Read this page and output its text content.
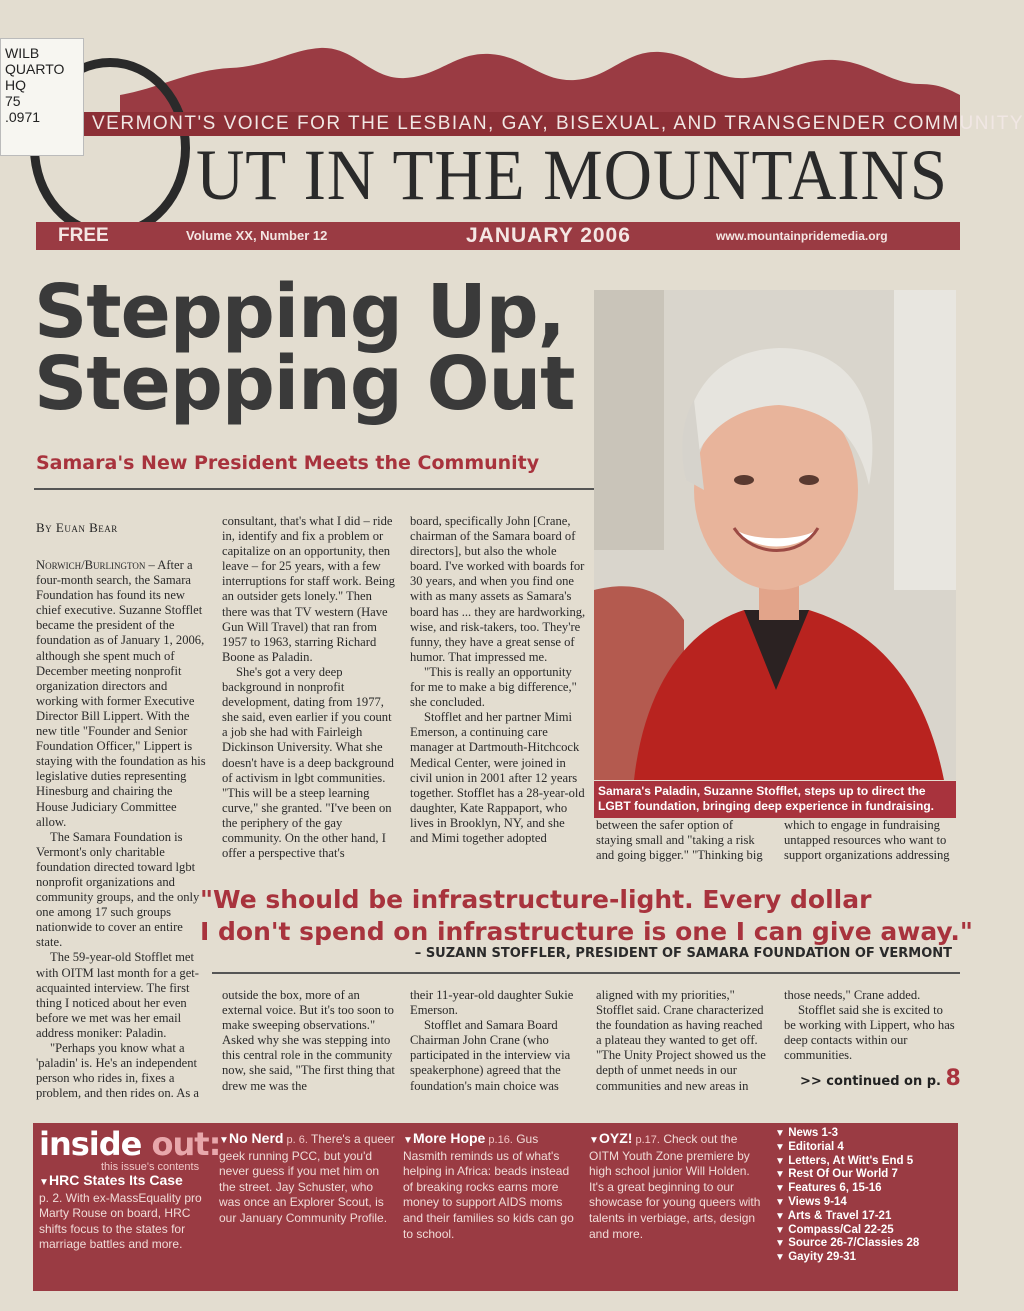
WILB
QUARTO
HQ
75
.0971	VERMONT'S VOICE FOR THE LESBIAN, GAY, BISEXUAL, AND TRANSGENDER COMMUNITY
UT IN THE MOUNTAINS
FREE	Volume XX, Number 12	JANUARY 2006	www.mountainpridemedia.org
Stepping Up,
Stepping Out
Samara's New President Meets the Community
Samara's Paladin, Suzanne Stofflet, steps up to direct the LGBT foundation, bringing deep experience in fundraising.
By Euan Bear

Norwich/Burlington – After a four-month search, the Samara Foundation has found its new chief executive. Suzanne Stofflet became the president of the foundation as of January 1, 2006, although she spent much of December meeting nonprofit organization directors and working with former Executive Director Bill Lippert. With the new title "Founder and Senior Foundation Officer," Lippert is staying with the foundation as his legislative duties representing Hinesburg and chairing the House Judiciary Committee allow.

The Samara Foundation is Vermont's only charitable foundation directed toward lgbt nonprofit organizations and community groups, and the only one among 17 such groups nationwide to cover an entire state.

The 59-year-old Stofflet met with OITM last month for a get-acquainted interview. The first thing I noticed about her even before we met was her email address moniker: Paladin.

"Perhaps you know what a 'paladin' is. He's an independent person who rides in, fixes a problem, and then rides on. As a

consultant, that's what I did – ride in, identify and fix a problem or capitalize on an opportunity, then leave – for 25 years, with a few interruptions for staff work. Being an outsider gets lonely." Then there was that TV western (Have Gun Will Travel) that ran from 1957 to 1963, starring Richard Boone as Paladin.

She's got a very deep background in nonprofit development, dating from 1977, she said, even earlier if you count a job she had with Fairleigh Dickinson University. What she doesn't have is a deep background of activism in lgbt communities. "This will be a steep learning curve," she granted. "I've been on the periphery of the gay community. On the other hand, I offer a perspective that's

board, specifically John [Crane, chairman of the Samara board of directors], but also the whole board. I've worked with boards for 30 years, and when you find one with as many assets as Samara's board has ... they are hardworking, wise, and risk-takers, too. They're funny, they have a great sense of humor. That impressed me.

"This is really an opportunity for me to make a big difference," she concluded.

Stofflet and her partner Mimi Emerson, a continuing care manager at Dartmouth-Hitchcock Medical Center, were joined in civil union in 2001 after 12 years together. Stofflet has a 28-year-old daughter, Kate Rappaport, who lives in Brooklyn, NY, and she and Mimi together adopted

between the safer option of staying small and "taking a risk and going bigger." "Thinking big

which to engage in fundraising untapped resources who want to support organizations addressing

"We should be infrastructure-light. Every dollar
I don't spend on infrastructure is one I can give away."
– SUZANN STOFFLER, PRESIDENT OF SAMARA FOUNDATION OF VERMONT

outside the box, more of an external voice. But it's too soon to make sweeping observations." Asked why she was stepping into this central role in the community now, she said, "The first thing that drew me was the

their 11-year-old daughter Sukie Emerson.

Stofflet and Samara Board Chairman John Crane (who participated in the interview via speakerphone) agreed that the foundation's main choice was

aligned with my priorities," Stofflet said. Crane characterized the foundation as having reached a plateau they wanted to get off. "The Unity Project showed us the depth of unmet needs in our communities and new areas in

those needs," Crane added.

Stofflet said she is excited to be working with Lippert, who has deep contacts within our communities.

>> continued on p. 8
inside out:
this issue's contents
▼HRC States Its Case
p. 2. With ex-MassEquality pro Marty Rouse on board, HRC shifts focus to the states for marriage battles and more.
▼No Nerd p. 6. There's a queer geek running PCC, but you'd never guess if you met him on the street. Jay Schuster, who was once an Explorer Scout, is our January Community Profile.
▼More Hope p.16. Gus Nasmith reminds us of what's helping in Africa: beads instead of breaking rocks earns more money to support AIDS moms and their families so kids can go to school.
▼OYZ! p.17. Check out the OITM Youth Zone premiere by high school junior Will Holden. It's a great beginning to our showcase for young queers with talents in verbiage, arts, design and more.
▼ News 1-3
▼ Editorial 4
▼ Letters, At Witt's End 5
▼ Rest Of Our World 7
▼ Features 6, 15-16
▼ Views 9-14
▼ Arts & Travel 17-21
▼ Compass/Cal 22-25
▼ Source 26-7/Classies 28
▼ Gayity 29-31
